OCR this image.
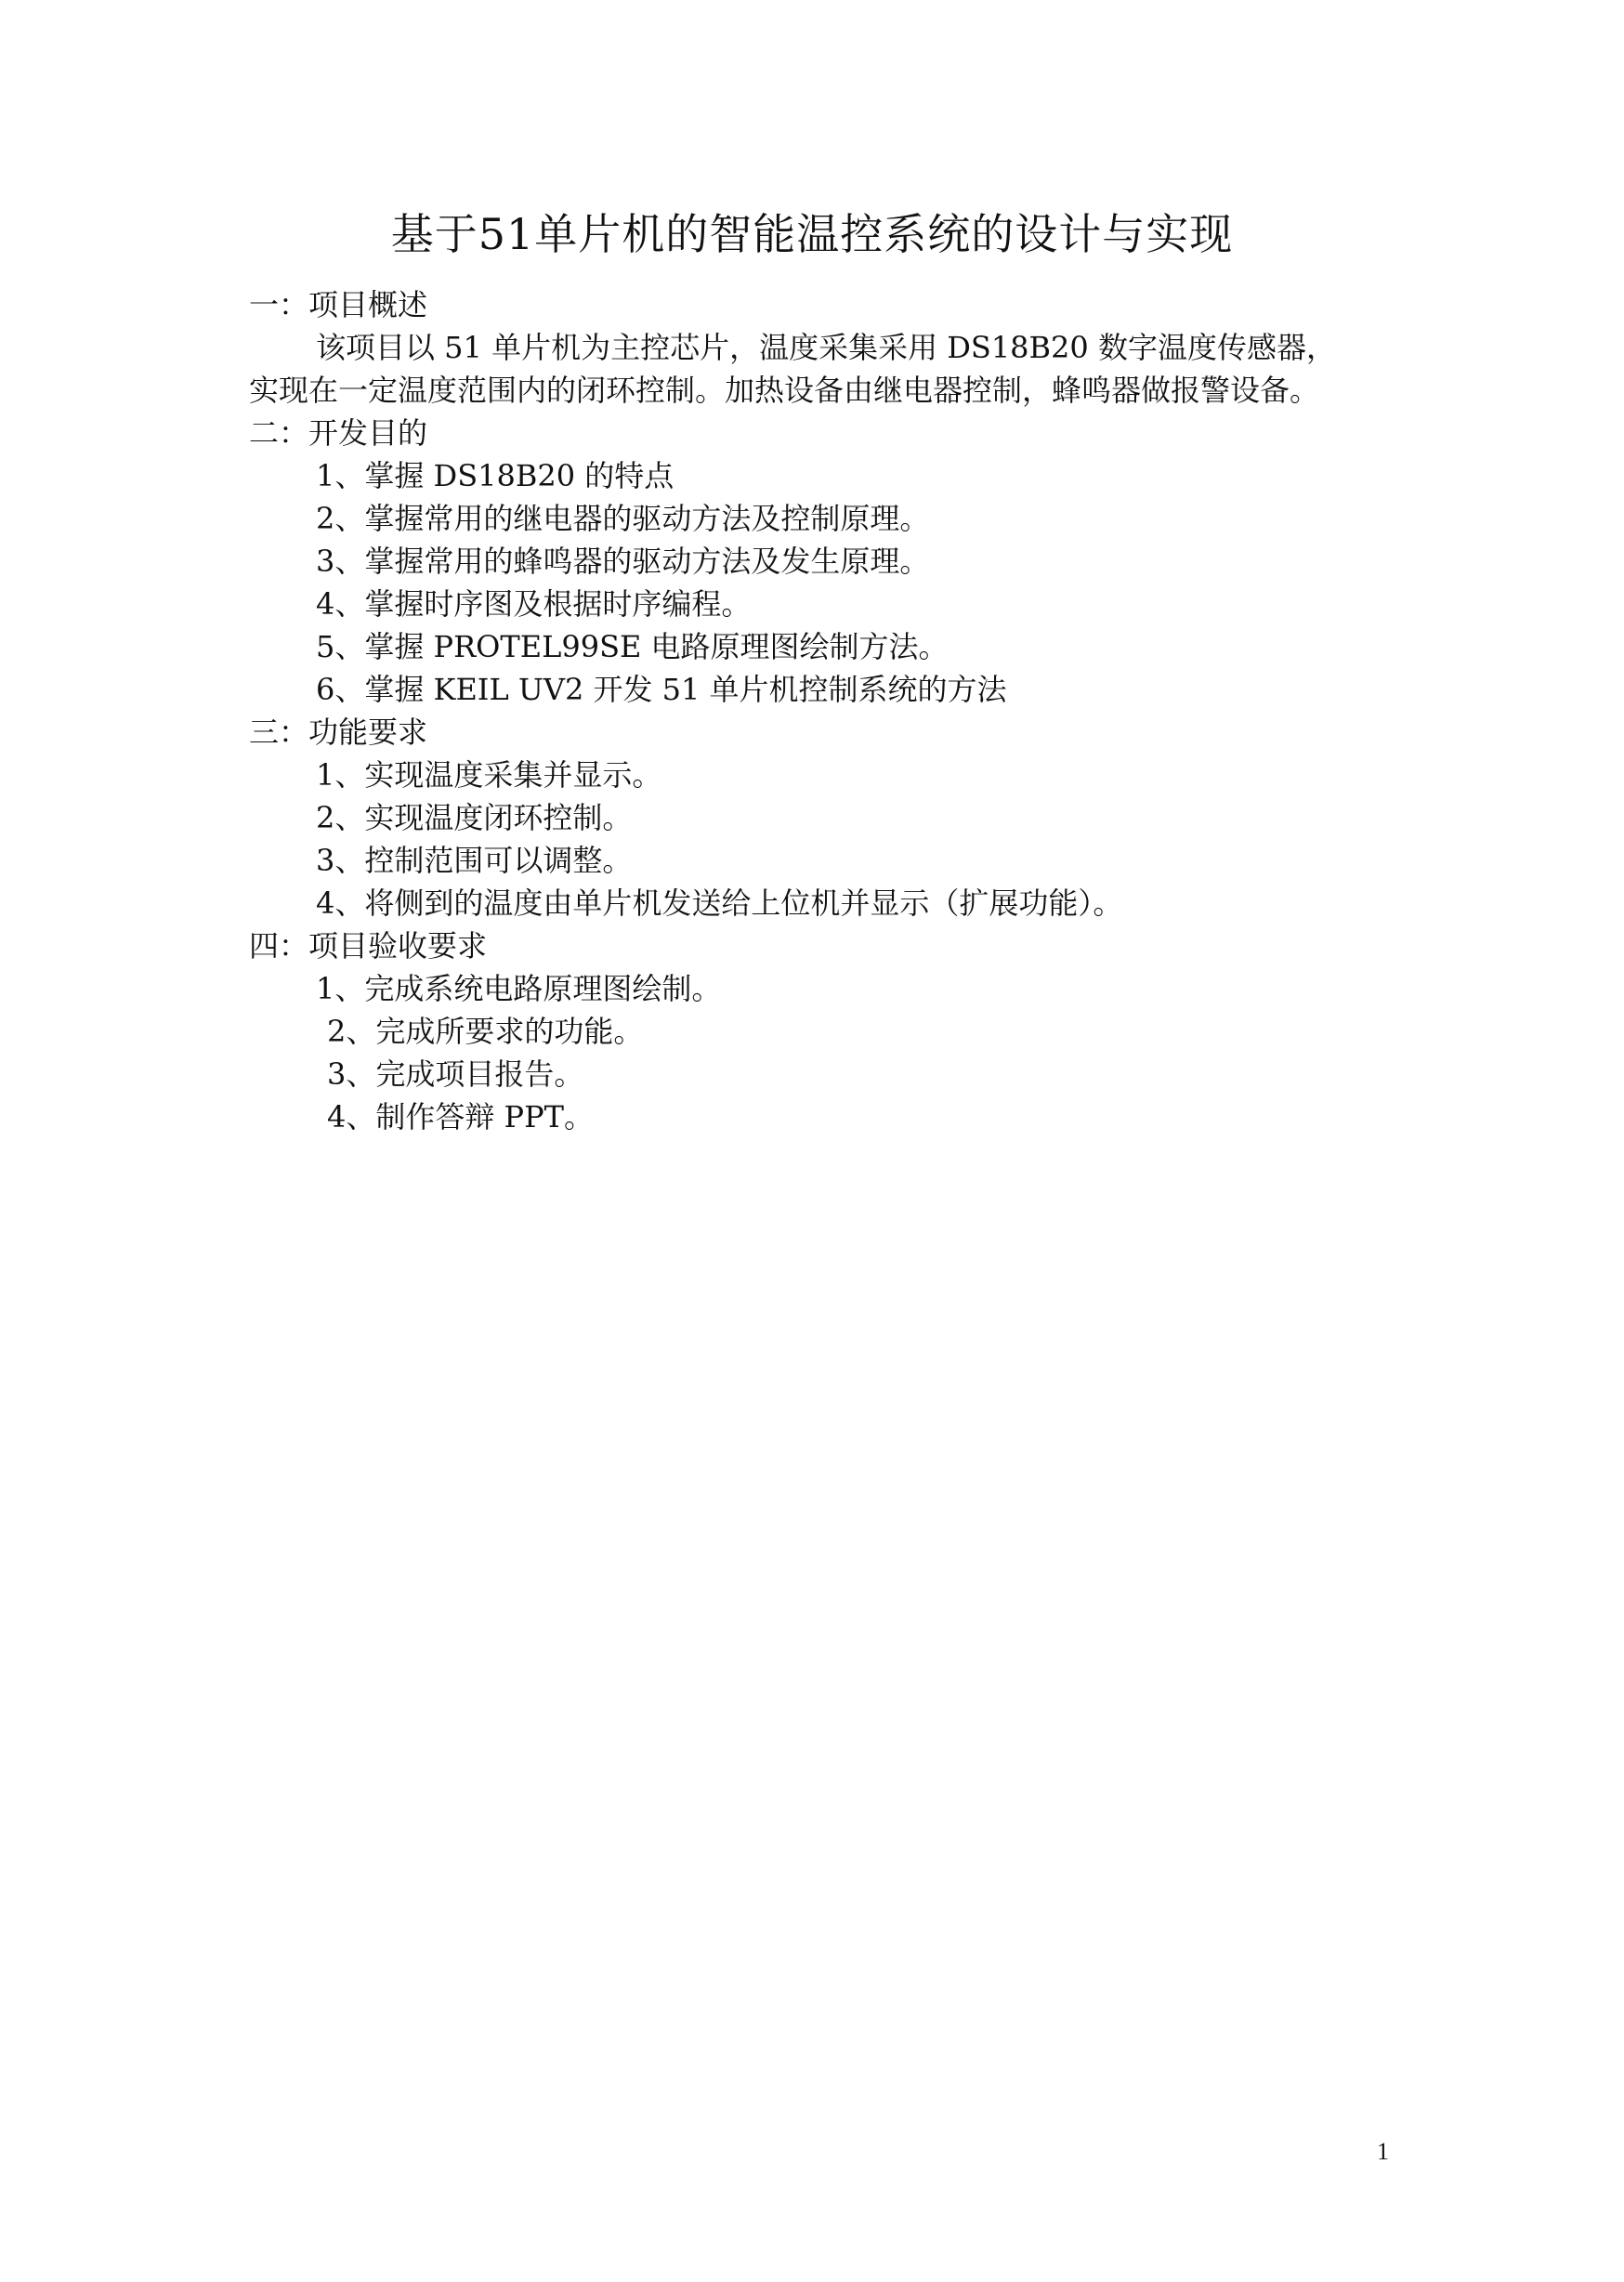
基于51单片机的智能温控系统的设计与实现
一：项目概述
该项目以 51 单片机为主控芯片，温度采集采用 DS18B20 数字温度传感器，
实现在一定温度范围内的闭环控制。加热设备由继电器控制，蜂鸣器做报警设备。
二：开发目的
1、掌握 DS18B20 的特点
2、掌握常用的继电器的驱动方法及控制原理。
3、掌握常用的蜂鸣器的驱动方法及发生原理。
4、掌握时序图及根据时序编程。
5、掌握 PROTEL99SE 电路原理图绘制方法。
6、掌握 KEIL UV2 开发 51 单片机控制系统的方法
三：功能要求
1、实现温度采集并显示。
2、实现温度闭环控制。
3、控制范围可以调整。
4、将侧到的温度由单片机发送给上位机并显示（扩展功能）。
四：项目验收要求
1、完成系统电路原理图绘制。
2、完成所要求的功能。
3、完成项目报告。
4、制作答辩 PPT。
1
